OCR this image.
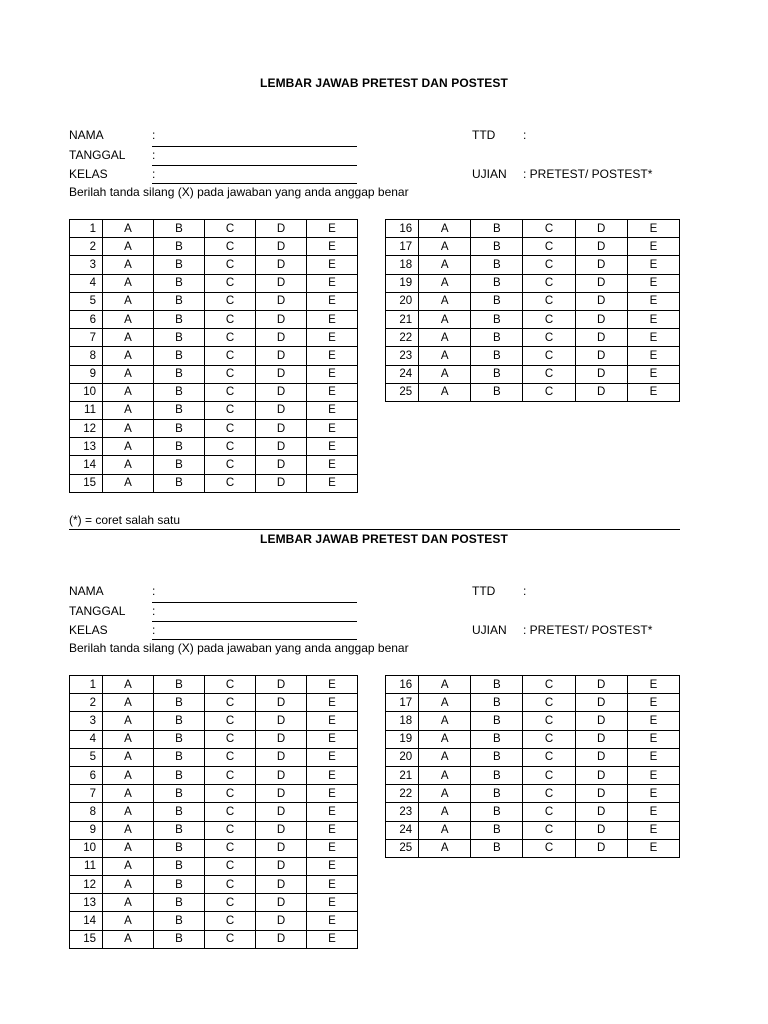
LEMBAR JAWAB PRETEST DAN POSTEST
NAMA	:
TANGGAL :
KELAS	:
TTD :
UJIAN : PRETEST/ POSTEST*
Berilah tanda silang (X) pada jawaban yang anda anggap benar
1	A	B	C	D	E
2	A	B	C	D	E
3	A	B	C	D	E
4	A	B	C	D	E
5	A	B	C	D	E
6	A	B	C	D	E
7	A	B	C	D	E
8	A	B	C	D	E
9	A	B	C	D	E
10	A	B	C	D	E
11	A	B	C	D	E
12	A	B	C	D	E
13	A	B	C	D	E
14	A	B	C	D	E
15	A	B	C	D	E
16	A	B	C	D	E
17	A	B	C	D	E
18	A	B	C	D	E
19	A	B	C	D	E
20	A	B	C	D	E
21	A	B	C	D	E
22	A	B	C	D	E
23	A	B	C	D	E
24	A	B	C	D	E
25	A	B	C	D	E
(*) = coret salah satu
LEMBAR JAWAB PRETEST DAN POSTEST
NAMA	:
TANGGAL :
KELAS	:
TTD :
UJIAN : PRETEST/ POSTEST*
Berilah tanda silang (X) pada jawaban yang anda anggap benar
1	A	B	C	D	E
2	A	B	C	D	E
3	A	B	C	D	E
4	A	B	C	D	E
5	A	B	C	D	E
6	A	B	C	D	E
7	A	B	C	D	E
8	A	B	C	D	E
9	A	B	C	D	E
10	A	B	C	D	E
11	A	B	C	D	E
12	A	B	C	D	E
13	A	B	C	D	E
14	A	B	C	D	E
15	A	B	C	D	E
16	A	B	C	D	E
17	A	B	C	D	E
18	A	B	C	D	E
19	A	B	C	D	E
20	A	B	C	D	E
21	A	B	C	D	E
22	A	B	C	D	E
23	A	B	C	D	E
24	A	B	C	D	E
25	A	B	C	D	E
